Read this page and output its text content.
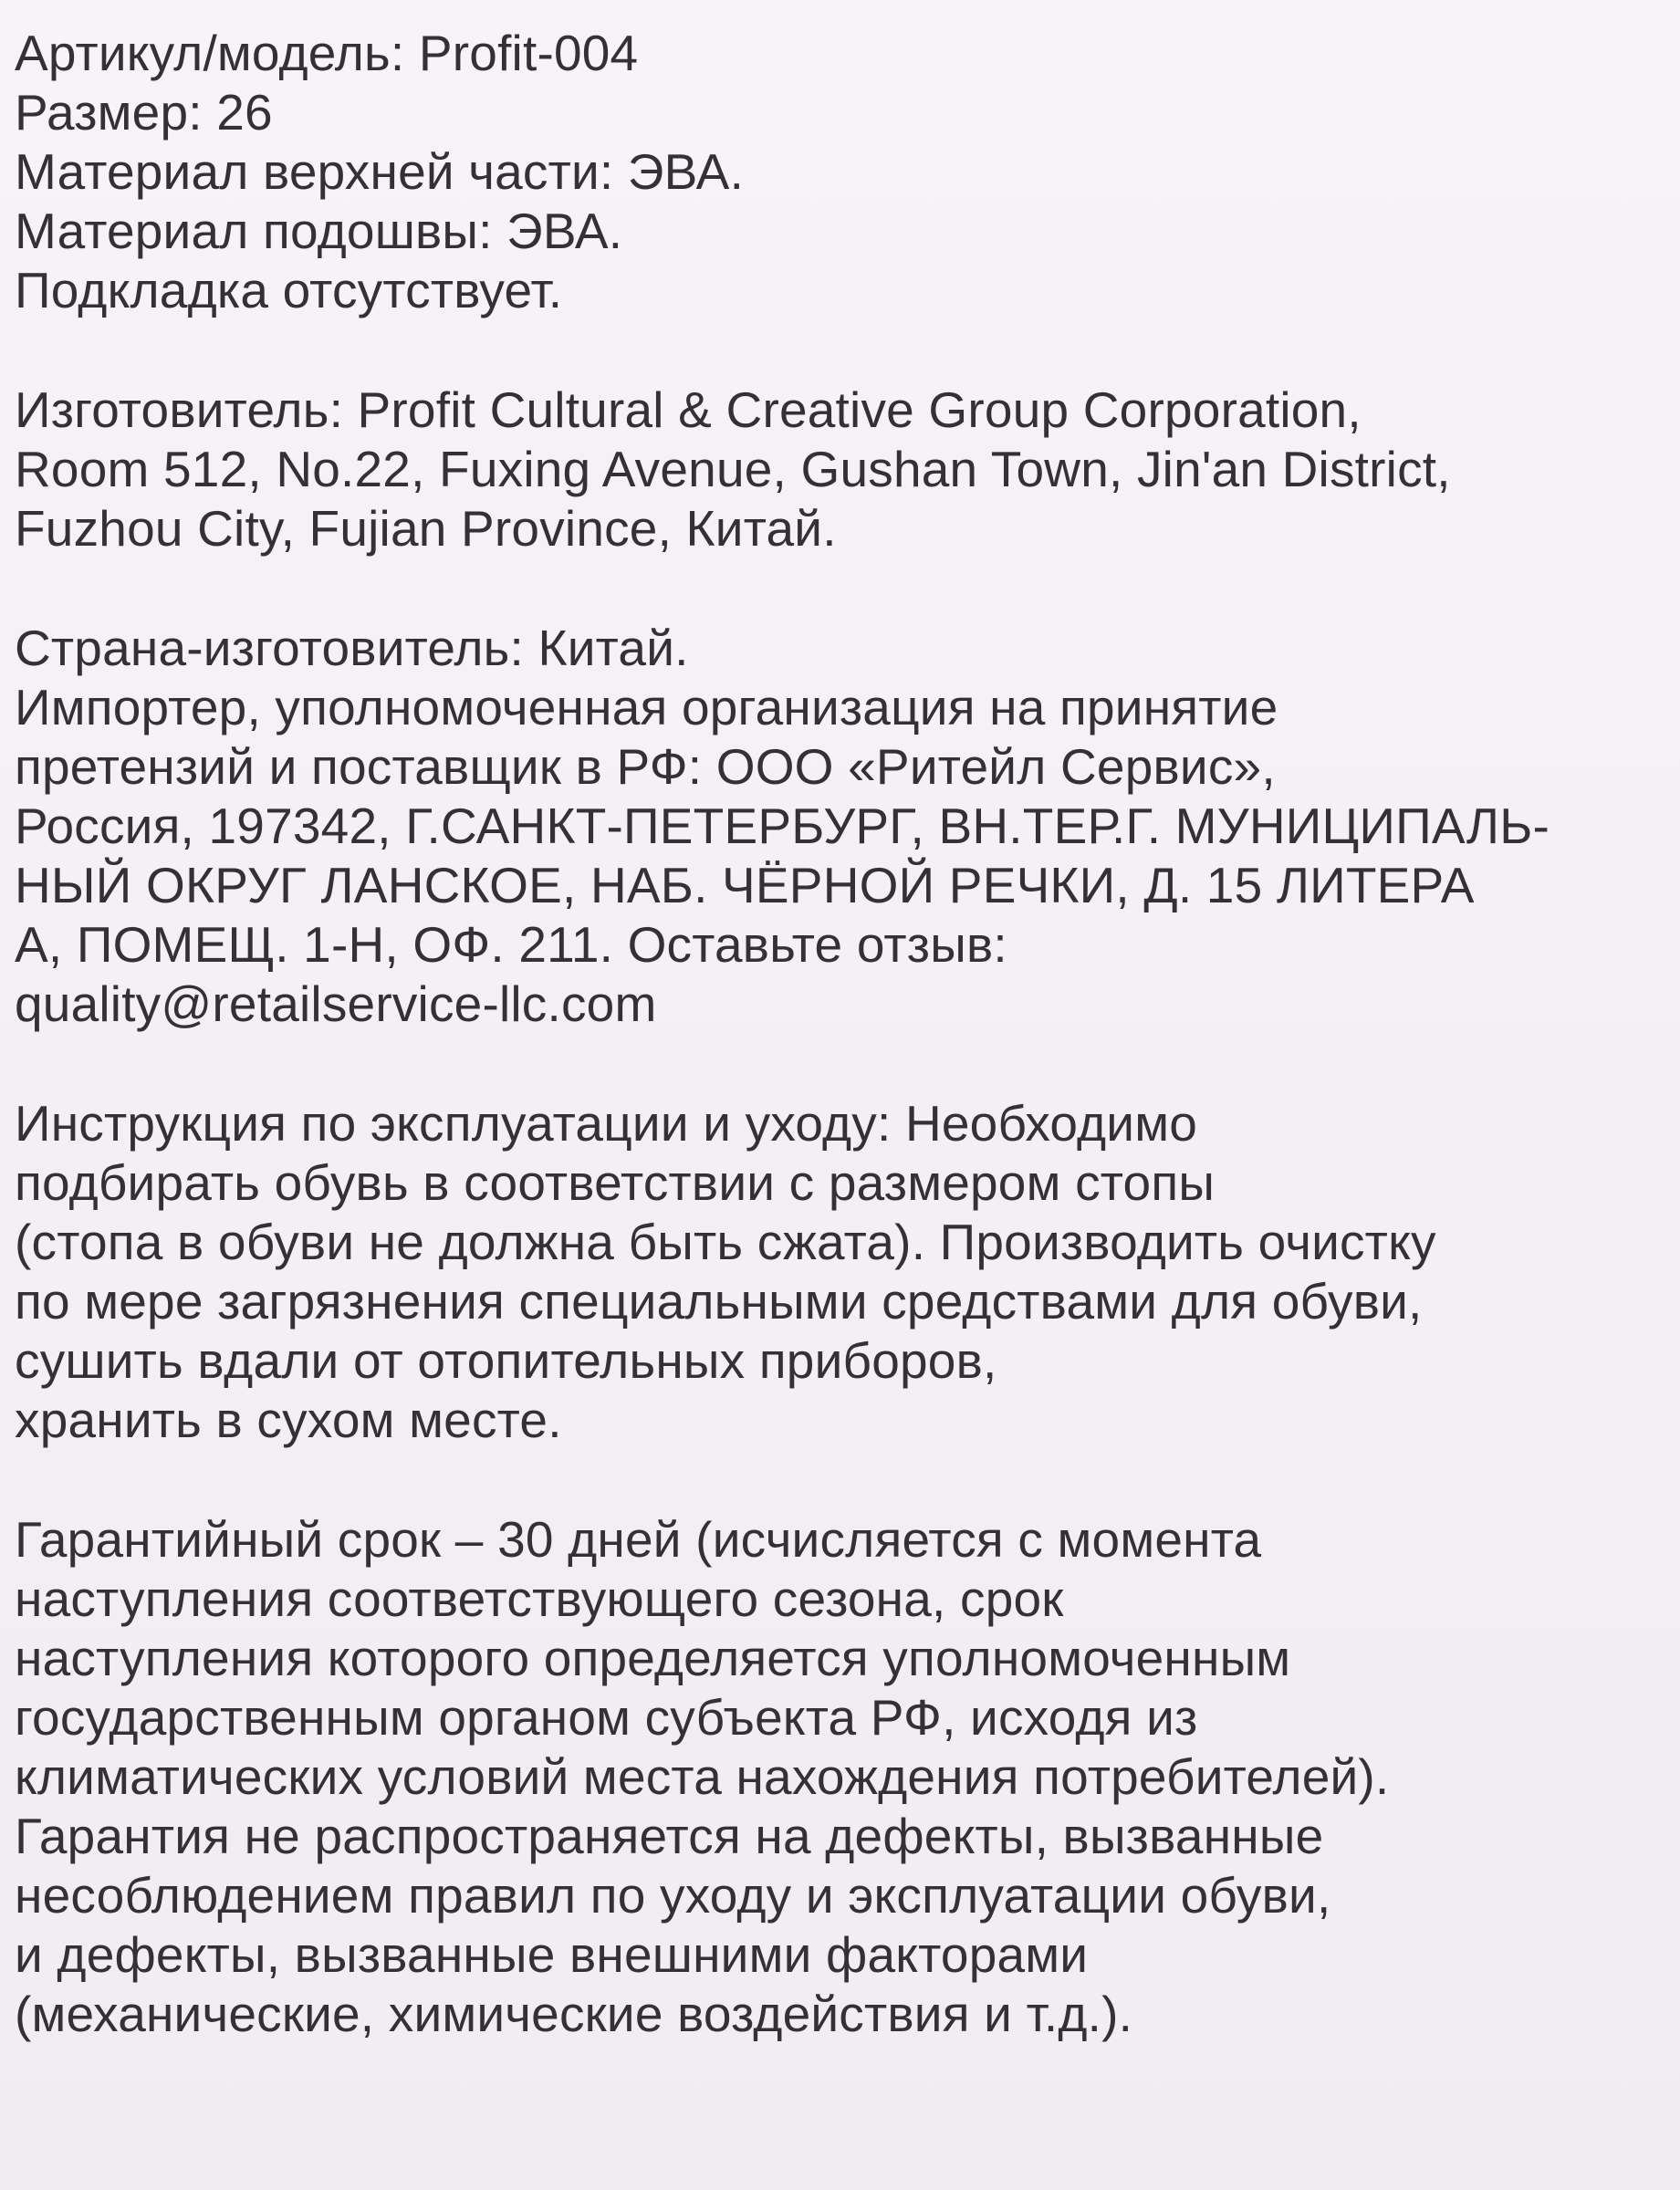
Артикул/модель: Profit-004
Размер: 26
Материал верхней части: ЭВА.
Материал подошвы: ЭВА.
Подкладка отсутствует.
Изготовитель: Profit Cultural & Creative Group Corporation,
Room 512, No.22, Fuxing Avenue, Gushan Town, Jin'an District,
Fuzhou City, Fujian Province, Китай.
Страна-изготовитель: Китай.
Импортер, уполномоченная организация на принятие
претензий и поставщик в РФ: ООО «Ритейл Сервис»,
Россия, 197342, Г.САНКТ-ПЕТЕРБУРГ, ВН.ТЕР.Г. МУНИЦИПАЛЬ-
НЫЙ ОКРУГ ЛАНСКОЕ, НАБ. ЧЁРНОЙ РЕЧКИ, Д. 15 ЛИТЕРА
А, ПОМЕЩ. 1-Н, ОФ. 211. Оставьте отзыв:
quality@retailservice-llc.com
Инструкция по эксплуатации и уходу: Необходимо
подбирать обувь в соответствии с размером стопы
(стопа в обуви не должна быть сжата). Производить очистку
по мере загрязнения специальными средствами для обуви,
сушить вдали от отопительных приборов,
хранить в сухом месте.
Гарантийный срок – 30 дней (исчисляется с момента
наступления соответствующего сезона, срок
наступления которого определяется уполномоченным
государственным органом субъекта РФ, исходя из
климатических условий места нахождения потребителей).
Гарантия не распространяется на дефекты, вызванные
несоблюдением правил по уходу и эксплуатации обуви,
и дефекты, вызванные внешними факторами
(механические, химические воздействия и т.д.).
